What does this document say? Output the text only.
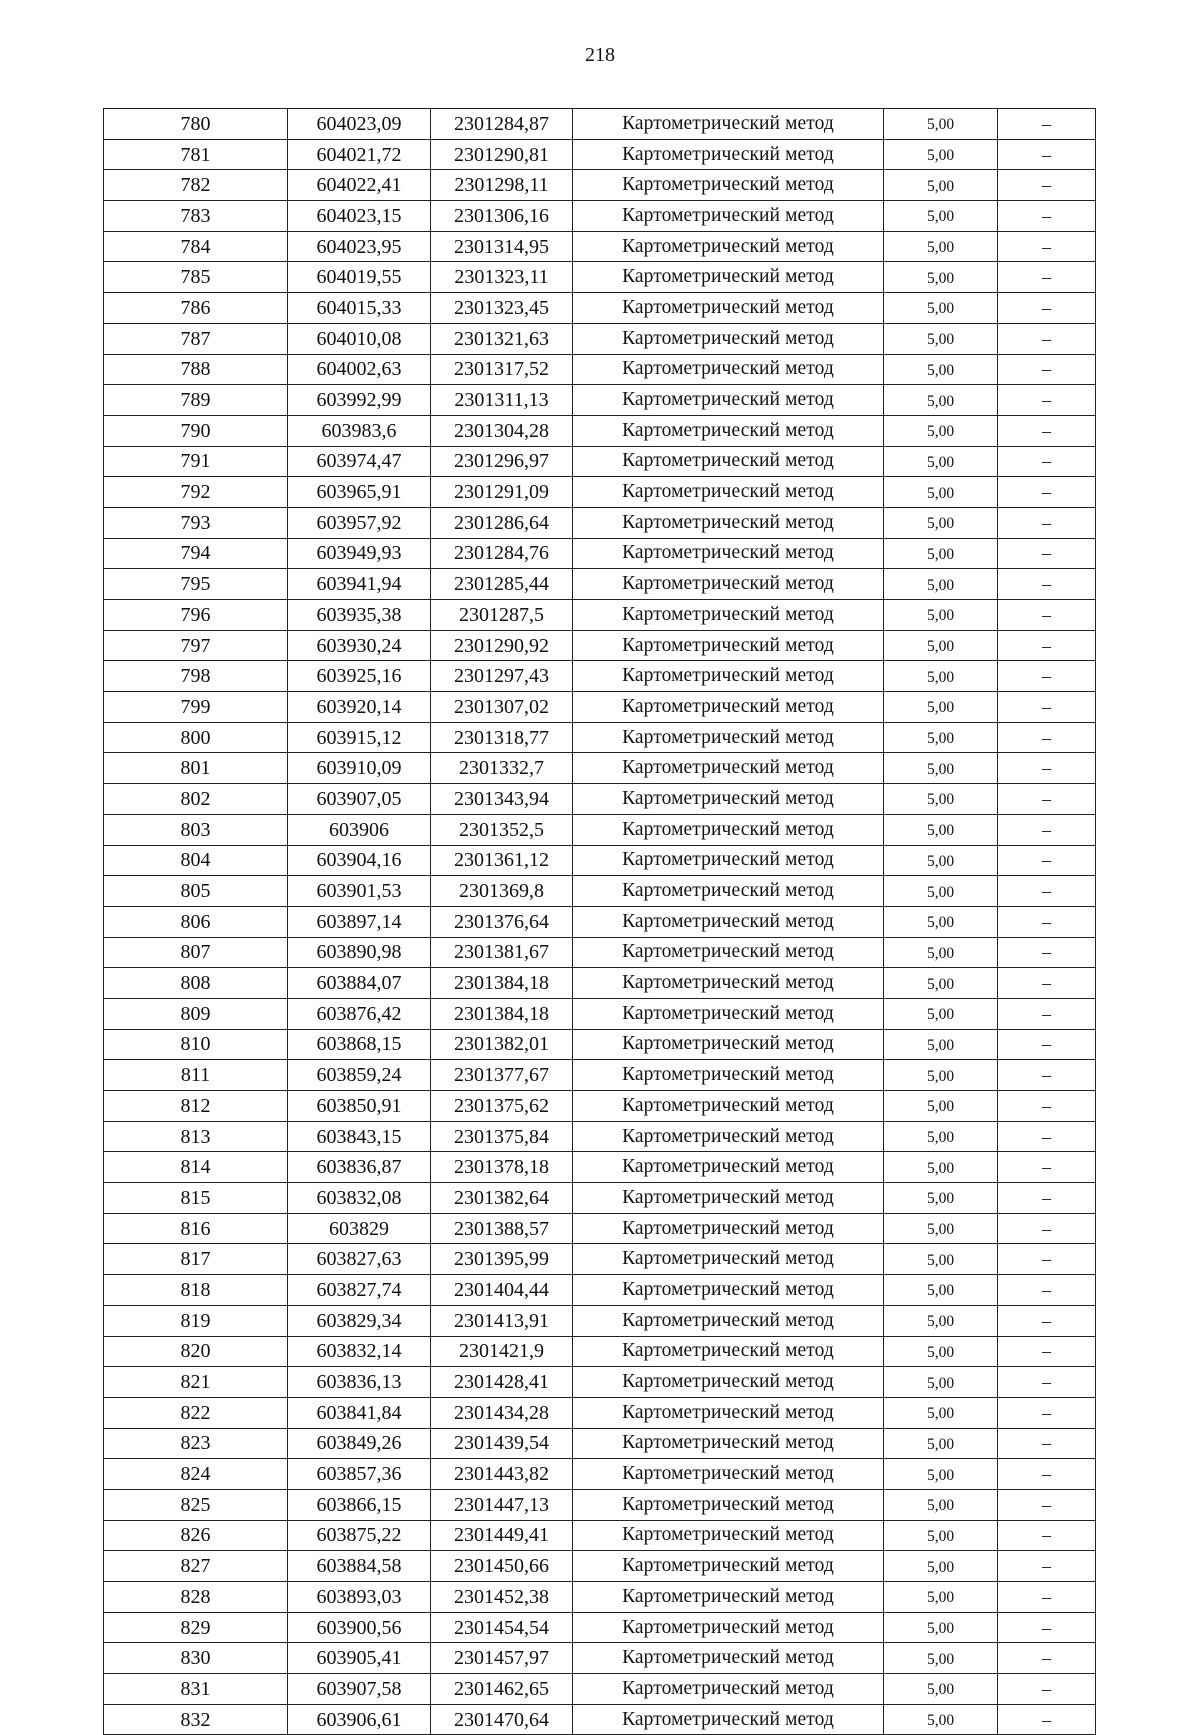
218
780	604023,09	2301284,87	Картометрический метод	5,00	–
781	604021,72	2301290,81	Картометрический метод	5,00	–
782	604022,41	2301298,11	Картометрический метод	5,00	–
783	604023,15	2301306,16	Картометрический метод	5,00	–
784	604023,95	2301314,95	Картометрический метод	5,00	–
785	604019,55	2301323,11	Картометрический метод	5,00	–
786	604015,33	2301323,45	Картометрический метод	5,00	–
787	604010,08	2301321,63	Картометрический метод	5,00	–
788	604002,63	2301317,52	Картометрический метод	5,00	–
789	603992,99	2301311,13	Картометрический метод	5,00	–
790	603983,6	2301304,28	Картометрический метод	5,00	–
791	603974,47	2301296,97	Картометрический метод	5,00	–
792	603965,91	2301291,09	Картометрический метод	5,00	–
793	603957,92	2301286,64	Картометрический метод	5,00	–
794	603949,93	2301284,76	Картометрический метод	5,00	–
795	603941,94	2301285,44	Картометрический метод	5,00	–
796	603935,38	2301287,5	Картометрический метод	5,00	–
797	603930,24	2301290,92	Картометрический метод	5,00	–
798	603925,16	2301297,43	Картометрический метод	5,00	–
799	603920,14	2301307,02	Картометрический метод	5,00	–
800	603915,12	2301318,77	Картометрический метод	5,00	–
801	603910,09	2301332,7	Картометрический метод	5,00	–
802	603907,05	2301343,94	Картометрический метод	5,00	–
803	603906	2301352,5	Картометрический метод	5,00	–
804	603904,16	2301361,12	Картометрический метод	5,00	–
805	603901,53	2301369,8	Картометрический метод	5,00	–
806	603897,14	2301376,64	Картометрический метод	5,00	–
807	603890,98	2301381,67	Картометрический метод	5,00	–
808	603884,07	2301384,18	Картометрический метод	5,00	–
809	603876,42	2301384,18	Картометрический метод	5,00	–
810	603868,15	2301382,01	Картометрический метод	5,00	–
811	603859,24	2301377,67	Картометрический метод	5,00	–
812	603850,91	2301375,62	Картометрический метод	5,00	–
813	603843,15	2301375,84	Картометрический метод	5,00	–
814	603836,87	2301378,18	Картометрический метод	5,00	–
815	603832,08	2301382,64	Картометрический метод	5,00	–
816	603829	2301388,57	Картометрический метод	5,00	–
817	603827,63	2301395,99	Картометрический метод	5,00	–
818	603827,74	2301404,44	Картометрический метод	5,00	–
819	603829,34	2301413,91	Картометрический метод	5,00	–
820	603832,14	2301421,9	Картометрический метод	5,00	–
821	603836,13	2301428,41	Картометрический метод	5,00	–
822	603841,84	2301434,28	Картометрический метод	5,00	–
823	603849,26	2301439,54	Картометрический метод	5,00	–
824	603857,36	2301443,82	Картометрический метод	5,00	–
825	603866,15	2301447,13	Картометрический метод	5,00	–
826	603875,22	2301449,41	Картометрический метод	5,00	–
827	603884,58	2301450,66	Картометрический метод	5,00	–
828	603893,03	2301452,38	Картометрический метод	5,00	–
829	603900,56	2301454,54	Картометрический метод	5,00	–
830	603905,41	2301457,97	Картометрический метод	5,00	–
831	603907,58	2301462,65	Картометрический метод	5,00	–
832	603906,61	2301470,64	Картометрический метод	5,00	–
